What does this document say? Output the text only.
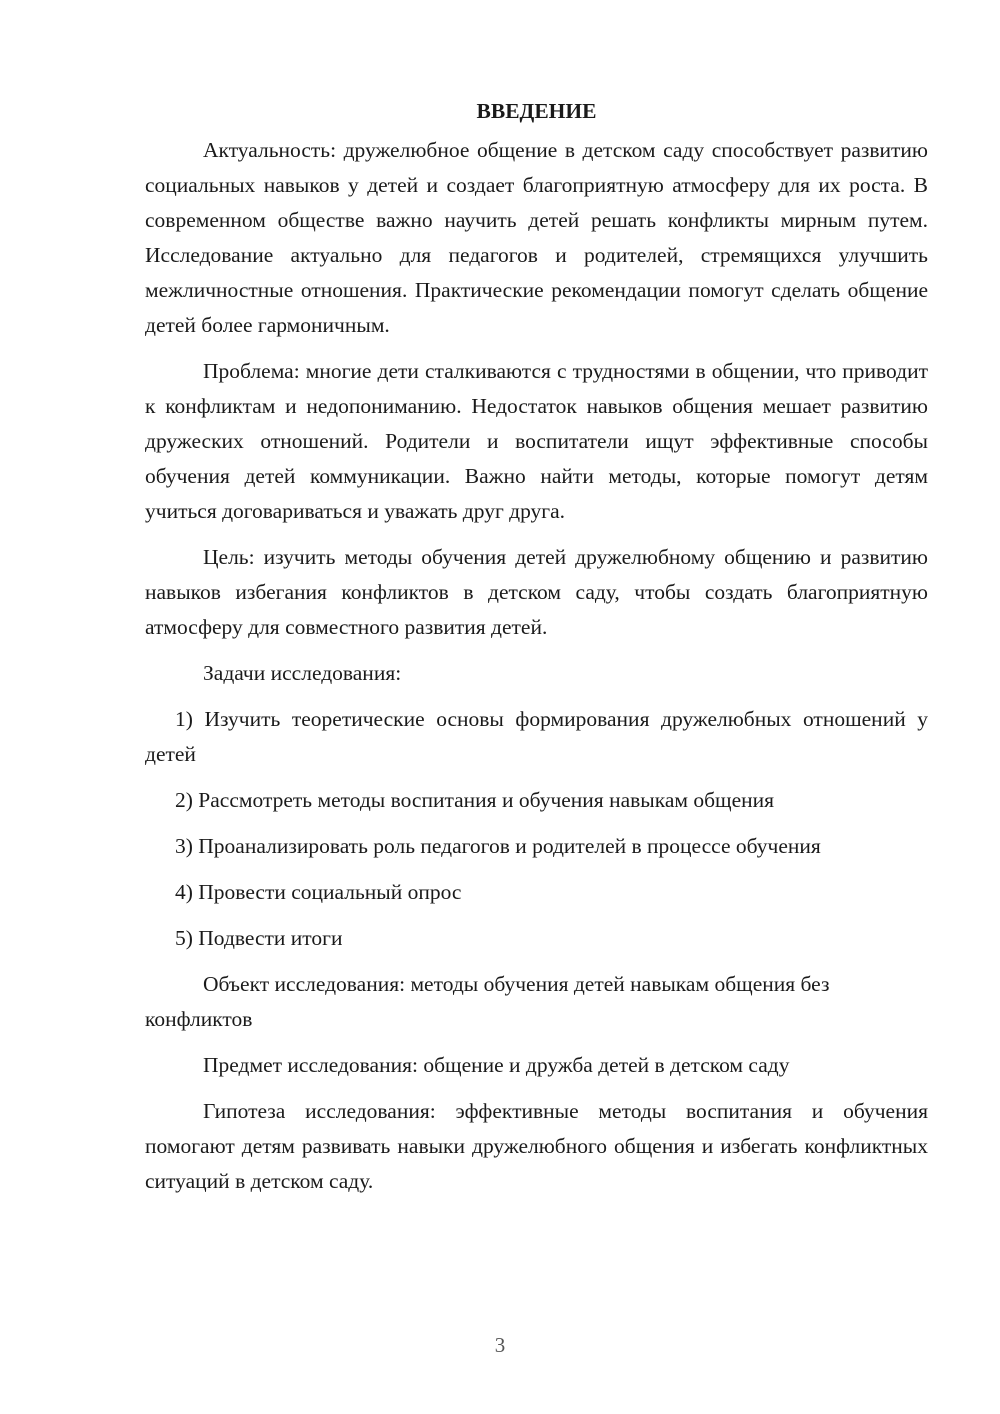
ВВЕДЕНИЕ

Актуальность: дружелюбное общение в детском саду способствует развитию социальных навыков у детей и создает благоприятную атмосферу для их роста. В современном обществе важно научить детей решать конфликты мирным путем. Исследование актуально для педагогов и родителей, стремящихся улучшить межличностные отношения. Практические рекомендации помогут сделать общение детей более гармоничным.

Проблема: многие дети сталкиваются с трудностями в общении, что приводит к конфликтам и недопониманию. Недостаток навыков общения мешает развитию дружеских отношений. Родители и воспитатели ищут эффективные способы обучения детей коммуникации. Важно найти методы, которые помогут детям учиться договариваться и уважать друг друга.

Цель: изучить методы обучения детей дружелюбному общению и развитию навыков избегания конфликтов в детском саду, чтобы создать благоприятную атмосферу для совместного развития детей.

Задачи исследования:

1) Изучить теоретические основы формирования дружелюбных отношений у детей

2) Рассмотреть методы воспитания и обучения навыкам общения

3) Проанализировать роль педагогов и родителей в процессе обучения

4) Провести социальный опрос

5) Подвести итоги

Объект исследования: методы обучения детей навыкам общения без конфликтов

Предмет исследования: общение и дружба детей в детском саду

Гипотеза исследования: эффективные методы воспитания и обучения помогают детям развивать навыки дружелюбного общения и избегать конфликтных ситуаций в детском саду.

3
